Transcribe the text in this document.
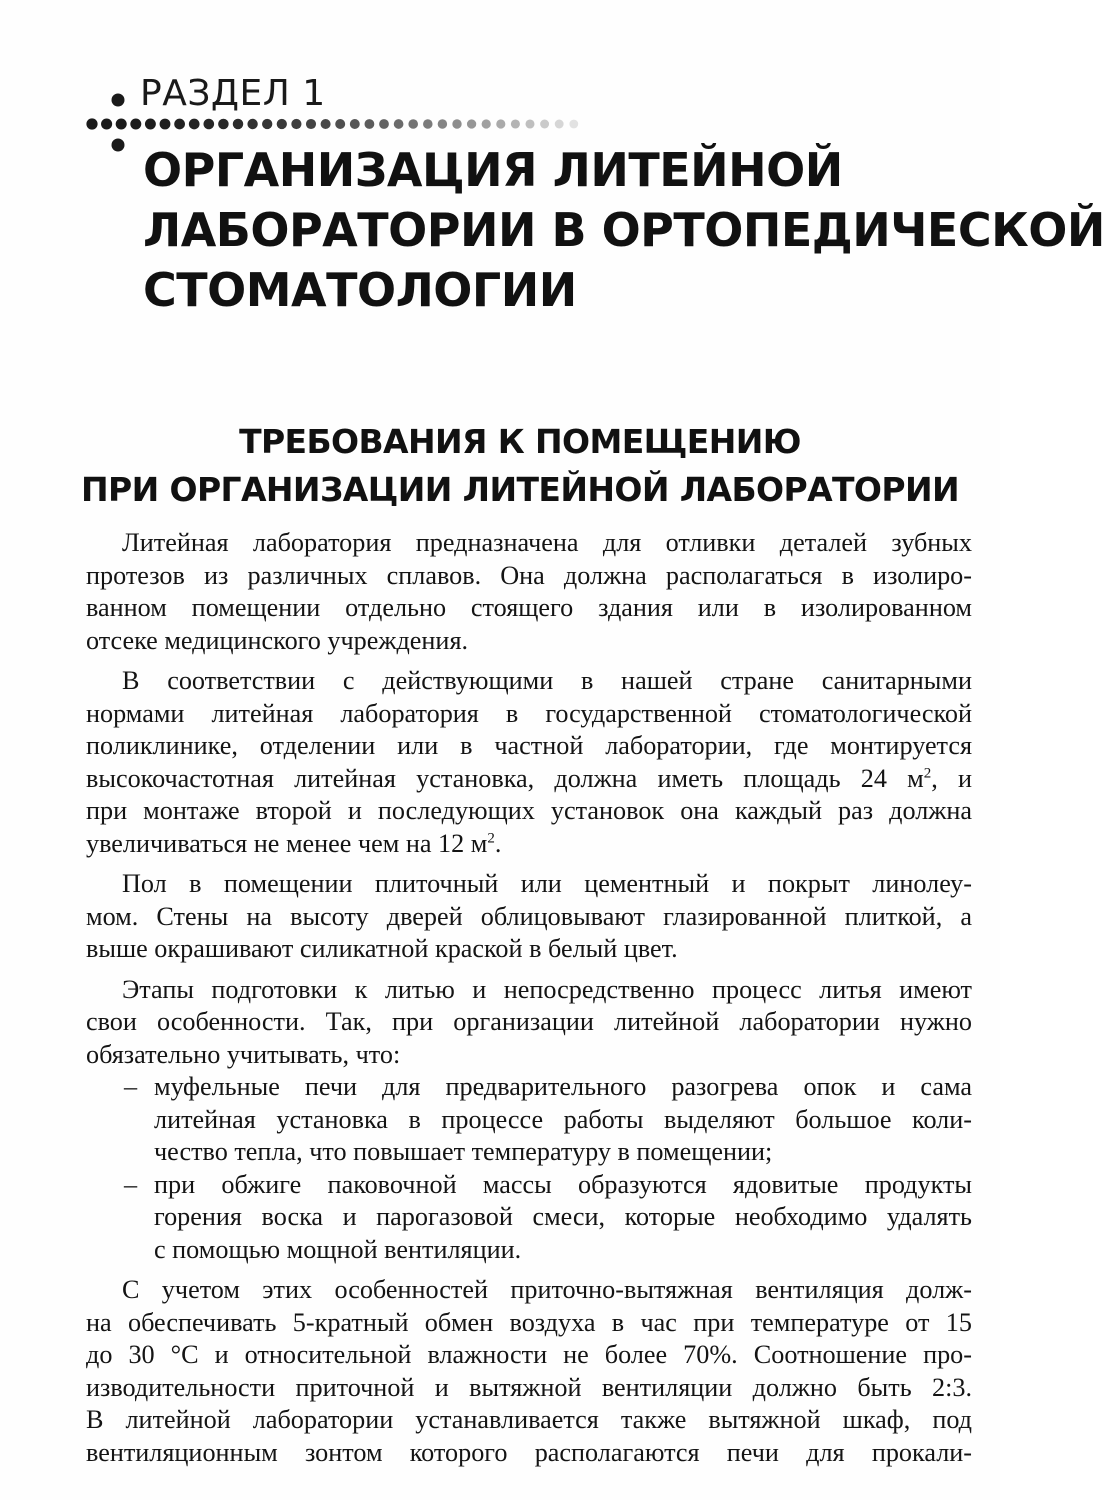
РАЗДЕЛ 1
ОРГАНИЗАЦИЯ ЛИТЕЙНОЙ
ЛАБОРАТОРИИ В ОРТОПЕДИЧЕСКОЙ
СТОМАТОЛОГИИ
ТРЕБОВАНИЯ К ПОМЕЩЕНИЮ
ПРИ ОРГАНИЗАЦИИ ЛИТЕЙНОЙ ЛАБОРАТОРИИ

Литейная лаборатория предназначена для отливки деталей зубных
протезов из различных сплавов. Она должна располагаться в изолиро-
ванном помещении отдельно стоящего здания или в изолированном
отсеке медицинского учреждения.

В соответствии с действующими в нашей стране санитарными
нормами литейная лаборатория в государственной стоматологической
поликлинике, отделении или в частной лаборатории, где монтируется
высокочастотная литейная установка, должна иметь площадь 24 $м^2$, и
при монтаже второй и последующих установок она каждый раз должна
увеличиваться не менее чем на 12 $м^2$.

Пол в помещении плиточный или цементный и покрыт линолеу-
мом. Стены на высоту дверей облицовывают глазированной плиткой, а
выше окрашивают силикатной краской в белый цвет.

Этапы подготовки к литью и непосредственно процесс литья имеют
свои особенности. Так, при организации литейной лаборатории нужно
обязательно учитывать, что:

– муфельные печи для предварительного разогрева опок и сама
литейная установка в процессе работы выделяют большое коли-
чество тепла, что повышает температуру в помещении;
– при обжиге паковочной массы образуются ядовитые продукты
горения воска и парогазовой смеси, которые необходимо удалять
с помощью мощной вентиляции.

С учетом этих особенностей приточно-вытяжная вентиляция долж-
на обеспечивать 5-кратный обмен воздуха в час при температуре от 15
до 30 °С и относительной влажности не более 70%. Соотношение про-
изводительности приточной и вытяжной вентиляции должно быть 2:3.
В литейной лаборатории устанавливается также вытяжной шкаф, под
вентиляционным зонтом которого располагаются печи для прокали-
